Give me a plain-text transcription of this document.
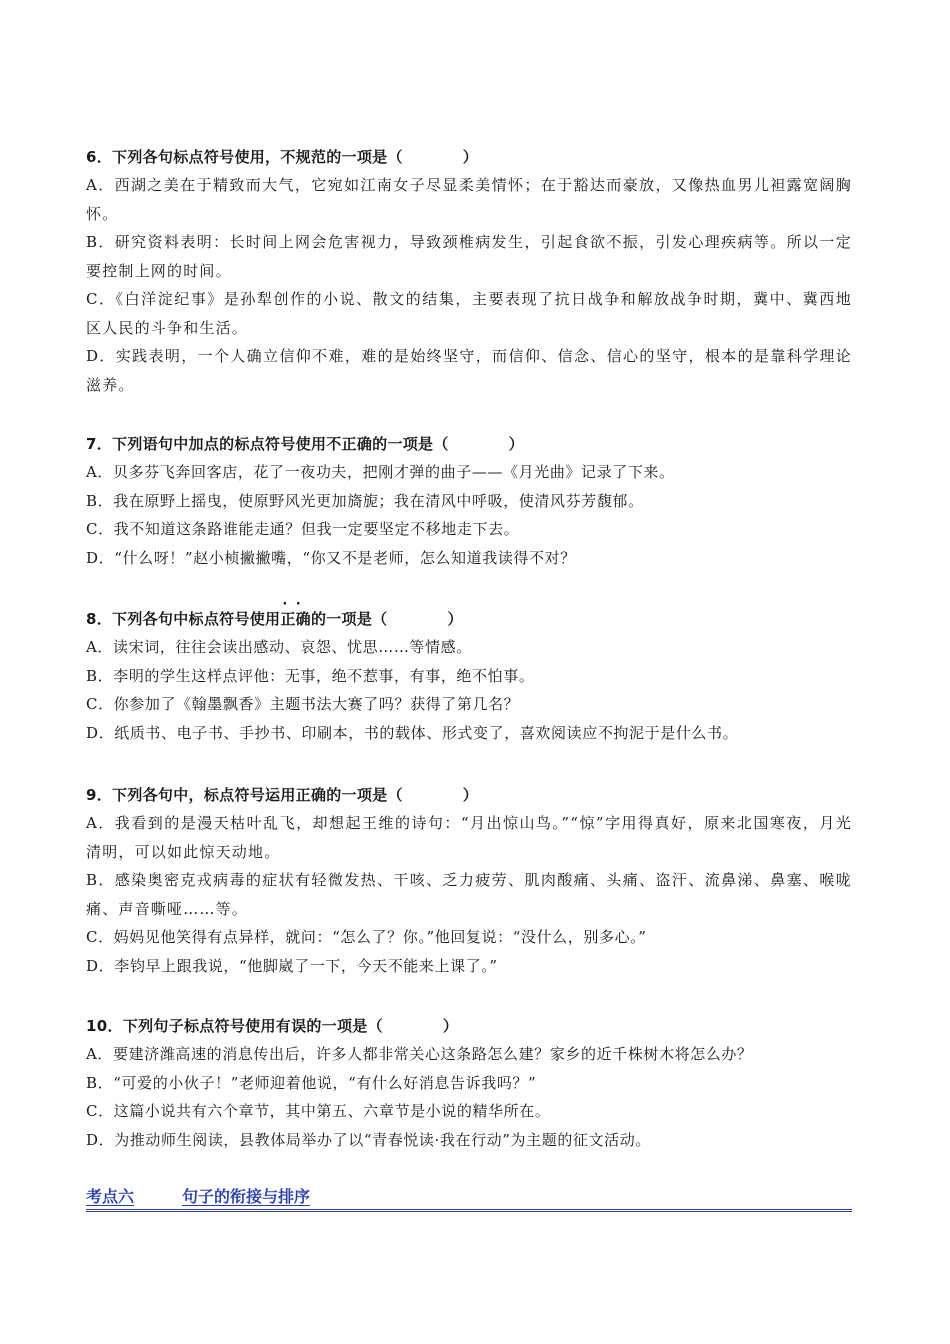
6．下列各句标点符号使用，不规范的一项是（	）
A．西湖之美在于精致而大气，它宛如江南女子尽显柔美情怀；在于豁达而豪放，又像热血男儿袒露宽阔胸怀。
B．研究资料表明：长时间上网会危害视力，导致颈椎病发生，引起食欲不振，引发心理疾病等。所以一定要控制上网的时间。
C．《白洋淀纪事》是孙犁创作的小说、散文的结集，主要表现了抗日战争和解放战争时期，冀中、冀西地区人民的斗争和生活。
D．实践表明，一个人确立信仰不难，难的是始终坚守，而信仰、信念、信心的坚守，根本的是靠科学理论滋养。
7．下列语句中加点的标点符号使用不正确的一项是（	）
A．贝多芬飞奔回客店，花了一夜功夫，把刚才弹的曲子——《月光曲》记录了下来。
B．我在原野上摇曳，使原野风光更加旖旎；我在清风中呼吸，使清风芬芳馥郁。
C．我不知道这条路谁能走通？但我一定要坚定不移地走下去。
D．“什么呀！”赵小桢撇撇嘴，“你又不是老师，怎么知道我读得不对？
8．下列各句中标点符号使用· · 正确的一项是（	）
A．读宋词，往往会读出感动、哀怨、忧思……等情感。
B．李明的学生这样点评他：无事，绝不惹事，有事，绝不怕事。
C．你参加了《翰墨飘香》主题书法大赛了吗？获得了第几名？
D．纸质书、电子书、手抄书、印刷本，书的载体、形式变了，喜欢阅读应不拘泥于是什么书。
9．下列各句中，标点符号运用正确的一项是（	）
A．我看到的是漫天枯叶乱飞，却想起王维的诗句：“月出惊山鸟。”“惊”字用得真好，原来北国寒夜，月光清明，可以如此惊天动地。
B．感染奥密克戎病毒的症状有轻微发热、干咳、乏力疲劳、肌肉酸痛、头痛、盗汗、流鼻涕、鼻塞、喉咙痛、声音嘶哑……等。
C．妈妈见他笑得有点异样，就问：“怎么了？你。”他回复说：“没什么，别多心。”
D．李钧早上跟我说，“他脚崴了一下，今天不能来上课了。”
10．下列句子标点符号使用有误的一项是（	）
A．要建济潍高速的消息传出后，许多人都非常关心这条路怎么建？家乡的近千株树木将怎么办？
B．“可爱的小伙子！”老师迎着他说，“有什么好消息告诉我吗？”
C．这篇小说共有六个章节，其中第五、六章节是小说的精华所在。
D．为推动师生阅读，县教体局举办了以“青春悦读·我在行动”为主题的征文活动。
考点六	句子的衔接与排序
